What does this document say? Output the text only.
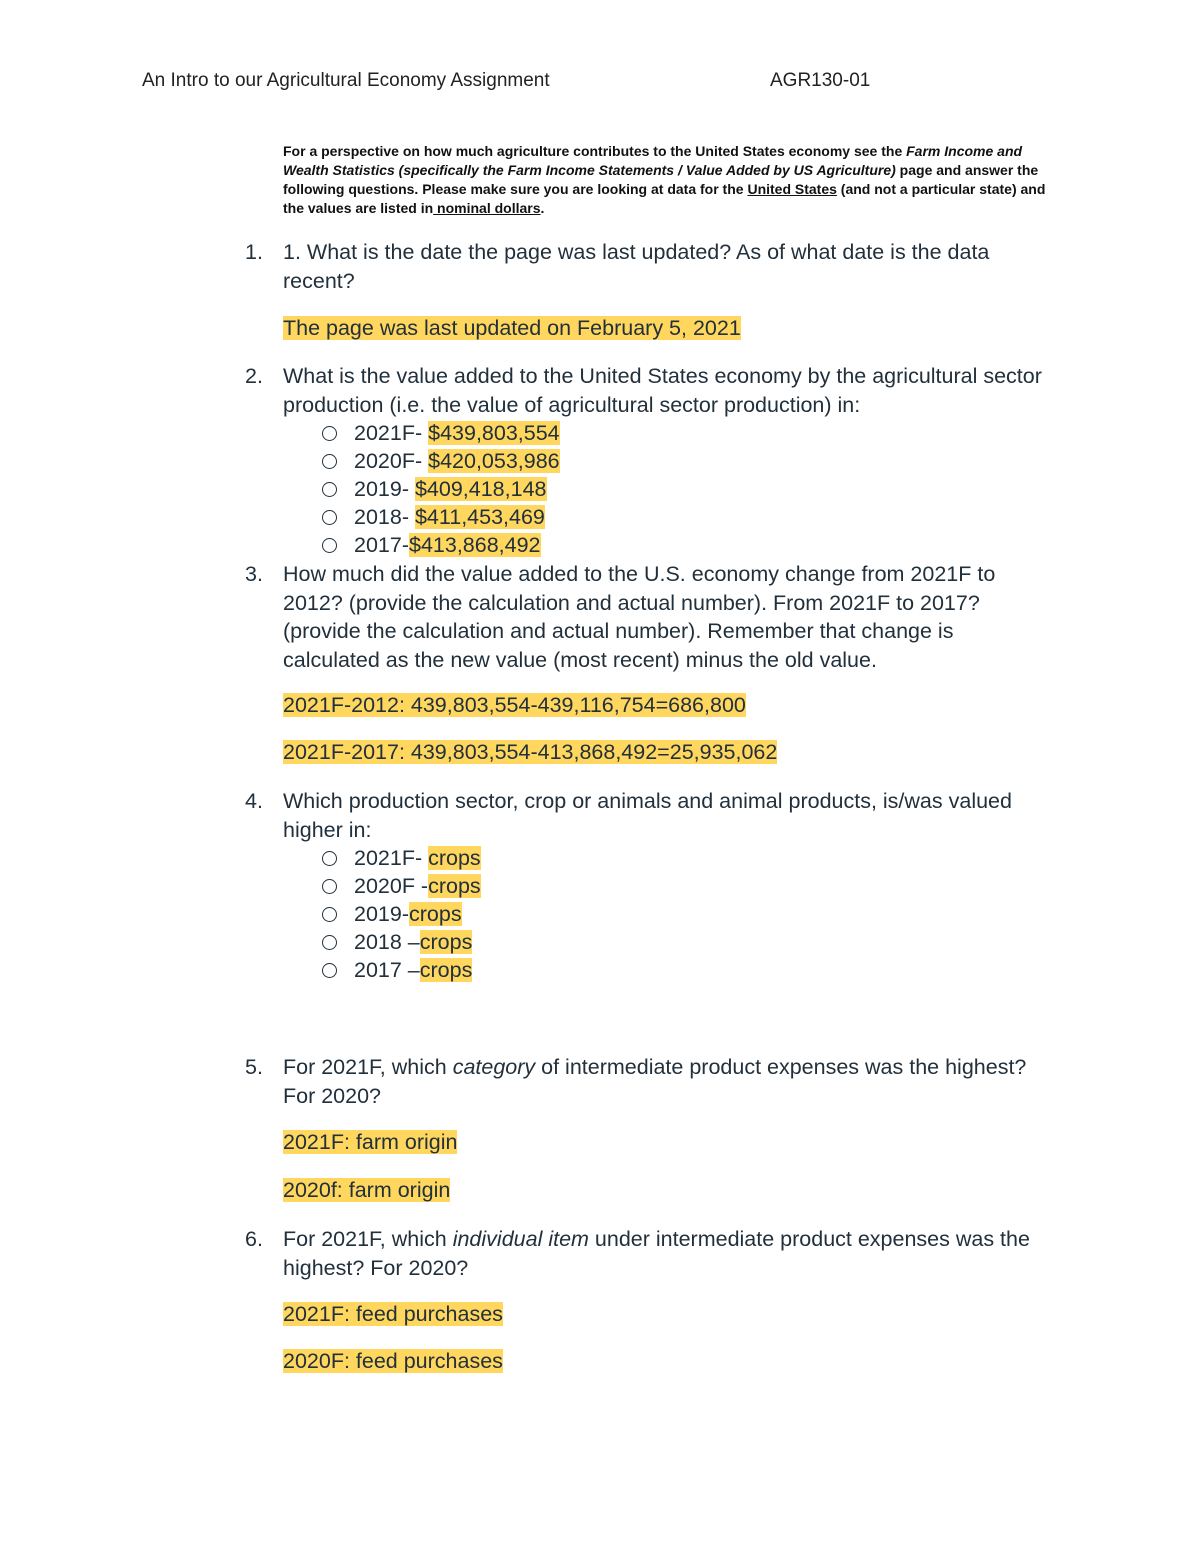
An Intro to our Agricultural Economy Assignment	AGR130-01
For a perspective on how much agriculture contributes to the United States economy see the Farm Income and Wealth Statistics (specifically the Farm Income Statements / Value Added by US Agriculture) page and answer the following questions. Please make sure you are looking at data for the United States (and not a particular state) and the values are listed in nominal dollars.
1. 1. What is the date the page was last updated? As of what date is the data recent?
The page was last updated on February 5, 2021
2. What is the value added to the United States economy by the agricultural sector production (i.e. the value of agricultural sector production) in:
2021F- $439,803,554
2020F- $420,053,986
2019- $409,418,148
2018- $411,453,469
2017-$413,868,492
3. How much did the value added to the U.S. economy change from 2021F to 2012? (provide the calculation and actual number). From 2021F to 2017? (provide the calculation and actual number). Remember that change is calculated as the new value (most recent) minus the old value.
2021F-2012: 439,803,554-439,116,754=686,800
2021F-2017: 439,803,554-413,868,492=25,935,062
4. Which production sector, crop or animals and animal products, is/was valued higher in:
2021F- crops
2020F -crops
2019-crops
2018 –crops
2017 –crops
5. For 2021F, which category of intermediate product expenses was the highest? For 2020?
2021F: farm origin
2020f: farm origin
6. For 2021F, which individual item under intermediate product expenses was the highest? For 2020?
2021F: feed purchases
2020F: feed purchases
